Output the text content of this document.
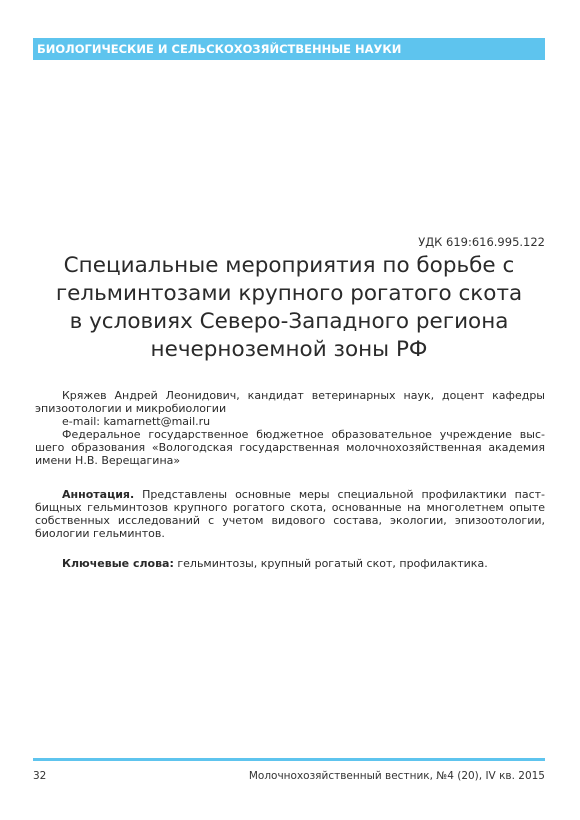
БИОЛОГИЧЕСКИЕ И СЕЛЬСКОХОЗЯЙСТВЕННЫЕ НАУКИ
УДК 619:616.995.122
Специальные мероприятия по борьбе с
гельминтозами крупного рогатого скота
в условиях Северо-Западного региона
нечерноземной зоны РФ
Кряжев Андрей Леонидович, кандидат ветеринарных наук, доцент кафедры
эпизоотологии и микробиологии
e-mail: kamarnett@mail.ru
Федеральное государственное бюджетное образовательное учреждение выс-
шего образования «Вологодская государственная молочнохозяйственная академия
имени Н.В. Верещагина»
Аннотация. Представлены основные меры специальной профилактики паст-
бищных гельминтозов крупного рогатого скота, основанные на многолетнем опыте
собственных исследований с учетом видового состава, экологии, эпизоотологии,
биологии гельминтов.
Ключевые слова: гельминтозы, крупный рогатый скот, профилактика.
32	Молочнохозяйственный вестник, №4 (20), IV кв. 2015
